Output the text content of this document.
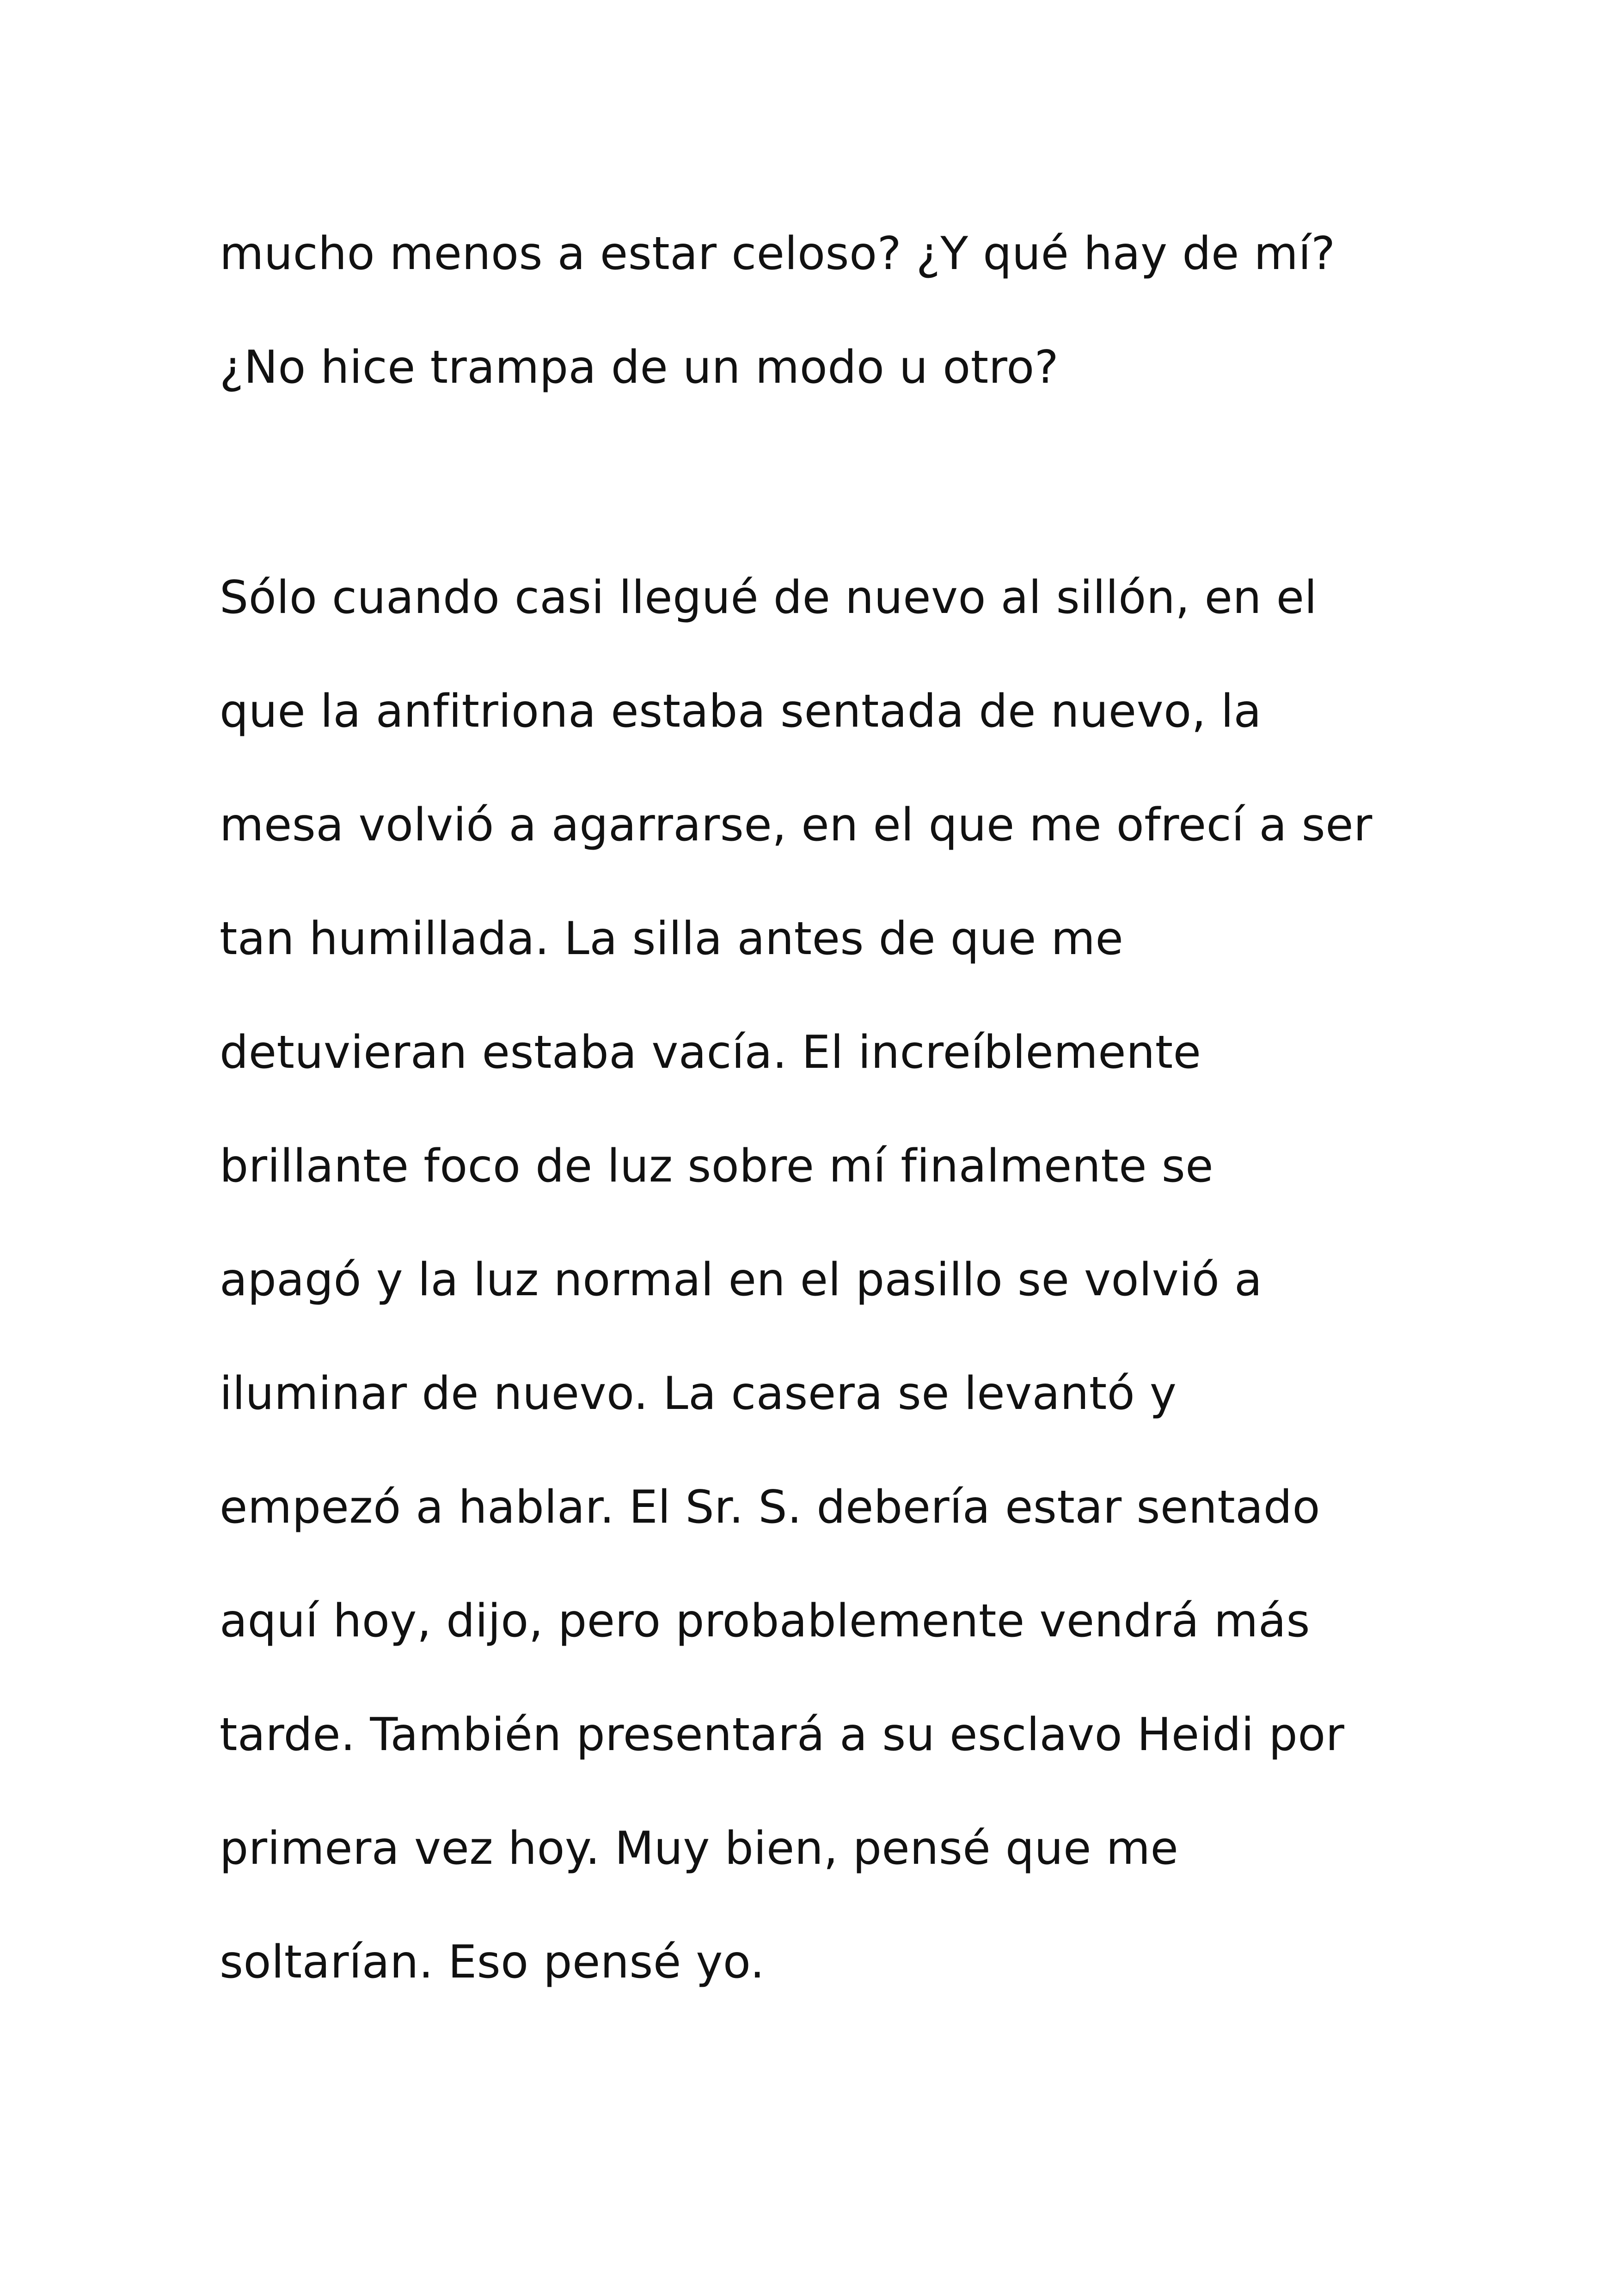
mucho menos a estar celoso? ¿Y qué hay de mí?
¿No hice trampa de un modo u otro?
Sólo cuando casi llegué de nuevo al sillón, en el
que la anfitriona estaba sentada de nuevo, la
mesa volvió a agarrarse, en el que me ofrecí a ser
tan humillada. La silla antes de que me
detuvieran estaba vacía. El increíblemente
brillante foco de luz sobre mí finalmente se
apagó y la luz normal en el pasillo se volvió a
iluminar de nuevo. La casera se levantó y
empezó a hablar. El Sr. S. debería estar sentado
aquí hoy, dijo, pero probablemente vendrá más
tarde. También presentará a su esclavo Heidi por
primera vez hoy. Muy bien, pensé que me
soltarían. Eso pensé yo.
